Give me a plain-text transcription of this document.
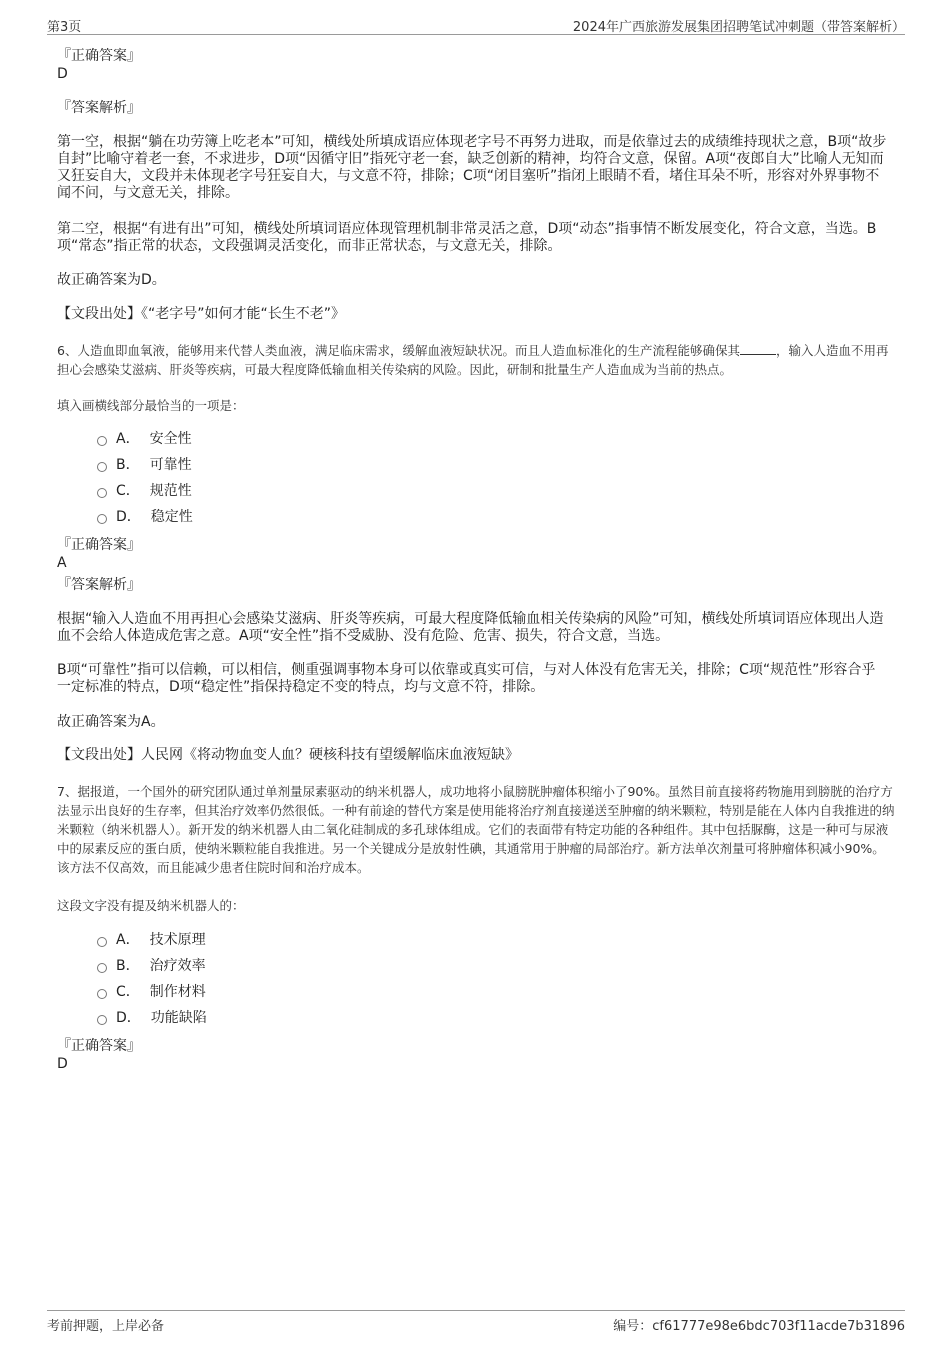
第3页	2024年广西旅游发展集团招聘笔试冲刺题（带答案解析）
『正确答案』
D
『答案解析』
第一空，根据“躺在功劳簿上吃老本”可知，横线处所填成语应体现老字号不再努力进取，而是依靠过去的成绩维持现状之意，B项“故步自封”比喻守着老一套，不求进步，D项“因循守旧”指死守老一套，缺乏创新的精神，均符合文意，保留。A项“夜郎自大”比喻人无知而又狂妄自大，文段并未体现老字号狂妄自大，与文意不符，排除；C项“闭目塞听”指闭上眼睛不看，堵住耳朵不听，形容对外界事物不闻不问，与文意无关，排除。
第二空，根据“有进有出”可知，横线处所填词语应体现管理机制非常灵活之意，D项“动态”指事情不断发展变化，符合文意，当选。B项“常态”指正常的状态，文段强调灵活变化，而非正常状态，与文意无关，排除。
故正确答案为D。
【文段出处】《“老字号”如何才能“长生不老”》
6、人造血即血氧液，能够用来代替人类血液，满足临床需求，缓解血液短缺状况。而且人造血标准化的生产流程能够确保其	，输入人造血不用再担心会感染艾滋病、肝炎等疾病，可最大程度降低输血相关传染病的风险。因此，研制和批量生产人造血成为当前的热点。
填入画横线部分最恰当的一项是：
A． 安全性
B． 可靠性
C． 规范性
D． 稳定性
『正确答案』
A
『答案解析』
根据“输入人造血不用再担心会感染艾滋病、肝炎等疾病，可最大程度降低输血相关传染病的风险”可知，横线处所填词语应体现出人造血不会给人体造成危害之意。A项“安全性”指不受威胁、没有危险、危害、损失，符合文意，当选。
B项“可靠性”指可以信赖，可以相信，侧重强调事物本身可以依靠或真实可信，与对人体没有危害无关，排除；C项“规范性”形容合乎一定标准的特点，D项“稳定性”指保持稳定不变的特点，均与文意不符，排除。
故正确答案为A。
【文段出处】人民网《将动物血变人血？硬核科技有望缓解临床血液短缺》
7、据报道，一个国外的研究团队通过单剂量尿素驱动的纳米机器人，成功地将小鼠膀胱肿瘤体积缩小了90%。虽然目前直接将药物施用到膀胱的治疗方法显示出良好的生存率，但其治疗效率仍然很低。一种有前途的替代方案是使用能将治疗剂直接递送至肿瘤的纳米颗粒，特别是能在人体内自我推进的纳米颗粒（纳米机器人）。新开发的纳米机器人由二氧化硅制成的多孔球体组成。它们的表面带有特定功能的各种组件。其中包括脲酶，这是一种可与尿液中的尿素反应的蛋白质，使纳米颗粒能自我推进。另一个关键成分是放射性碘，其通常用于肿瘤的局部治疗。新方法单次剂量可将肿瘤体积减小90%。该方法不仅高效，而且能减少患者住院时间和治疗成本。
这段文字没有提及纳米机器人的：
A． 技术原理
B． 治疗效率
C． 制作材料
D． 功能缺陷
『正确答案』
D
考前押题，上岸必备	编号：cf61777e98e6bdc703f11acde7b31896
